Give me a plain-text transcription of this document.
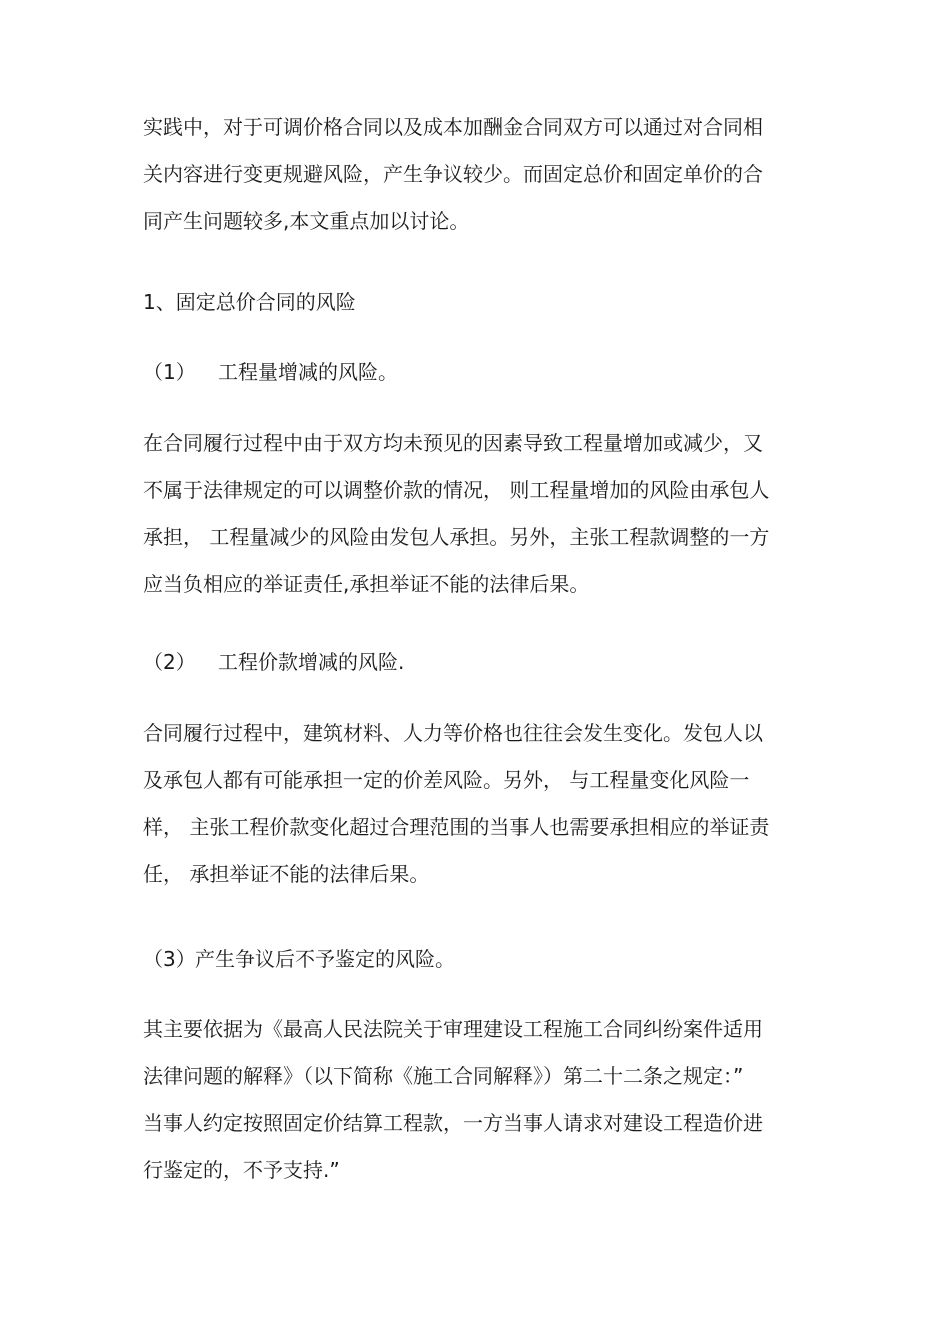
实践中，对于可调价格合同以及成本加酬金合同双方可以通过对合同相
关内容进行变更规避风险，产生争议较少。而固定总价和固定单价的合
同产生问题较多,本文重点加以讨论。
1、固定总价合同的风险
（1） 工程量增减的风险。
在合同履行过程中由于双方均未预见的因素导致工程量增加或减少，又
不属于法律规定的可以调整价款的情况， 则工程量增加的风险由承包人
承担， 工程量减少的风险由发包人承担。另外，主张工程款调整的一方
应当负相应的举证责任,承担举证不能的法律后果。
（2） 工程价款增减的风险.
合同履行过程中，建筑材料、人力等价格也往往会发生变化。发包人以
及承包人都有可能承担一定的价差风险。另外， 与工程量变化风险一
样， 主张工程价款变化超过合理范围的当事人也需要承担相应的举证责
任， 承担举证不能的法律后果。
（3）产生争议后不予鉴定的风险。
其主要依据为《最高人民法院关于审理建设工程施工合同纠纷案件适用
法律问题的解释》（以下简称《施工合同解释》）第二十二条之规定：”
当事人约定按照固定价结算工程款，一方当事人请求对建设工程造价进
行鉴定的，不予支持.”
